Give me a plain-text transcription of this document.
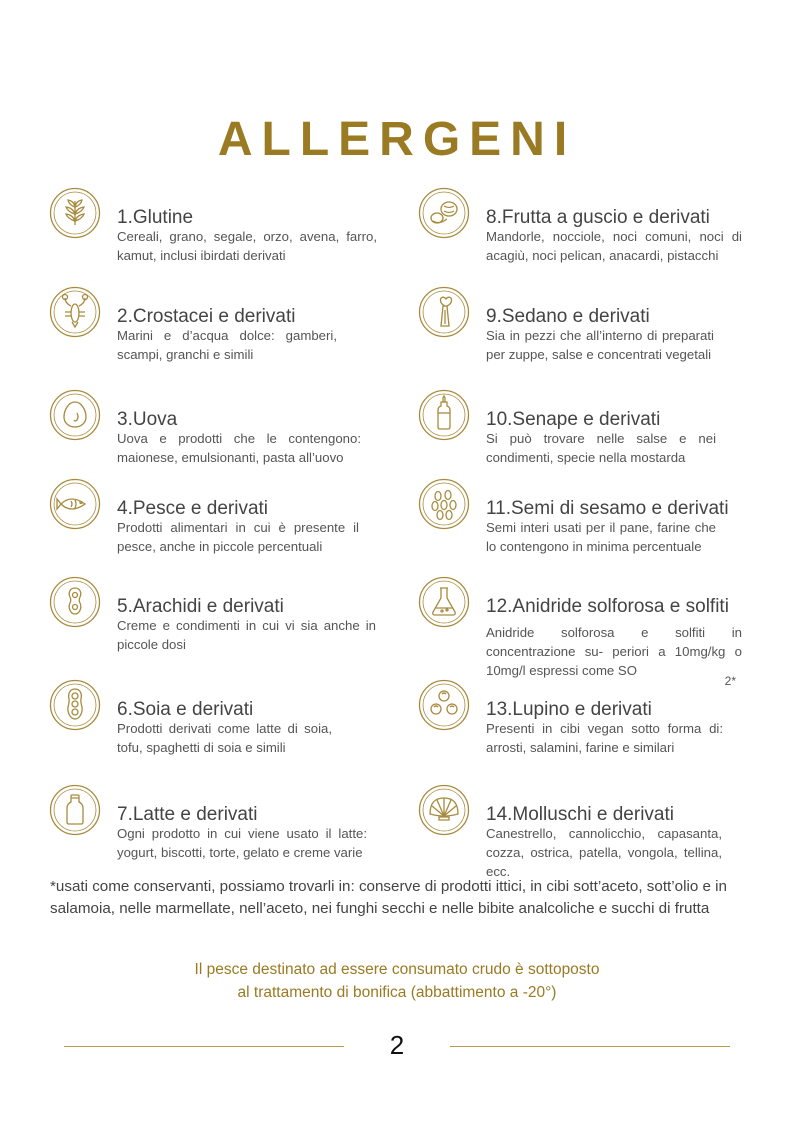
ALLERGENI
1.Glutine
Cereali, grano, segale, orzo, avena, farro, kamut, inclusi ibirdati derivati
2.Crostacei e derivati
Marini e d’acqua dolce: gamberi, scampi, granchi e simili
3.Uova
Uova e prodotti che le contengono: maionese, emulsionanti, pasta all’uovo
4.Pesce e derivati
Prodotti alimentari in cui è presente il pesce, anche in piccole percentuali
5.Arachidi e derivati
Creme e condimenti in cui vi sia anche in piccole dosi
6.Soia e derivati
Prodotti derivati come latte di soia, tofu, spaghetti di soia e simili
7.Latte e derivati
Ogni prodotto in cui viene usato il latte: yogurt, biscotti, torte, gelato e creme varie
8.Frutta a guscio e derivati
Mandorle, nocciole, noci comuni, noci di acagiù, noci pelican, anacardi, pistacchi
9.Sedano e derivati
Sia in pezzi che all’interno di preparati per zuppe, salse e concentrati vegetali
10.Senape e derivati
Si può trovare nelle salse e nei condimenti, specie nella mostarda
11.Semi di sesamo e derivati
Semi interi usati per il pane, farine che lo contengono in minima percentuale
12.Anidride solforosa e solfiti
Anidride solforosa e solfiti in concentrazione su- periori a 10mg/kg o 10mg/l espressi come SO
2*
13.Lupino e derivati
Presenti in cibi vegan sotto forma di: arrosti, salamini, farine e similari
14.Molluschi e derivati
Canestrello, cannolicchio, capasanta, cozza, ostrica, patella, vongola, tellina, ecc.
*usati come conservanti, possiamo trovarli in: conserve di prodotti ittici, in cibi sott’aceto, sott’olio e in salamoia, nelle marmellate, nell’aceto, nei funghi secchi e nelle bibite analcoliche e succhi di frutta
Il pesce destinato ad essere consumato crudo è sottoposto
al trattamento di bonifica (abbattimento a -20°)
2
